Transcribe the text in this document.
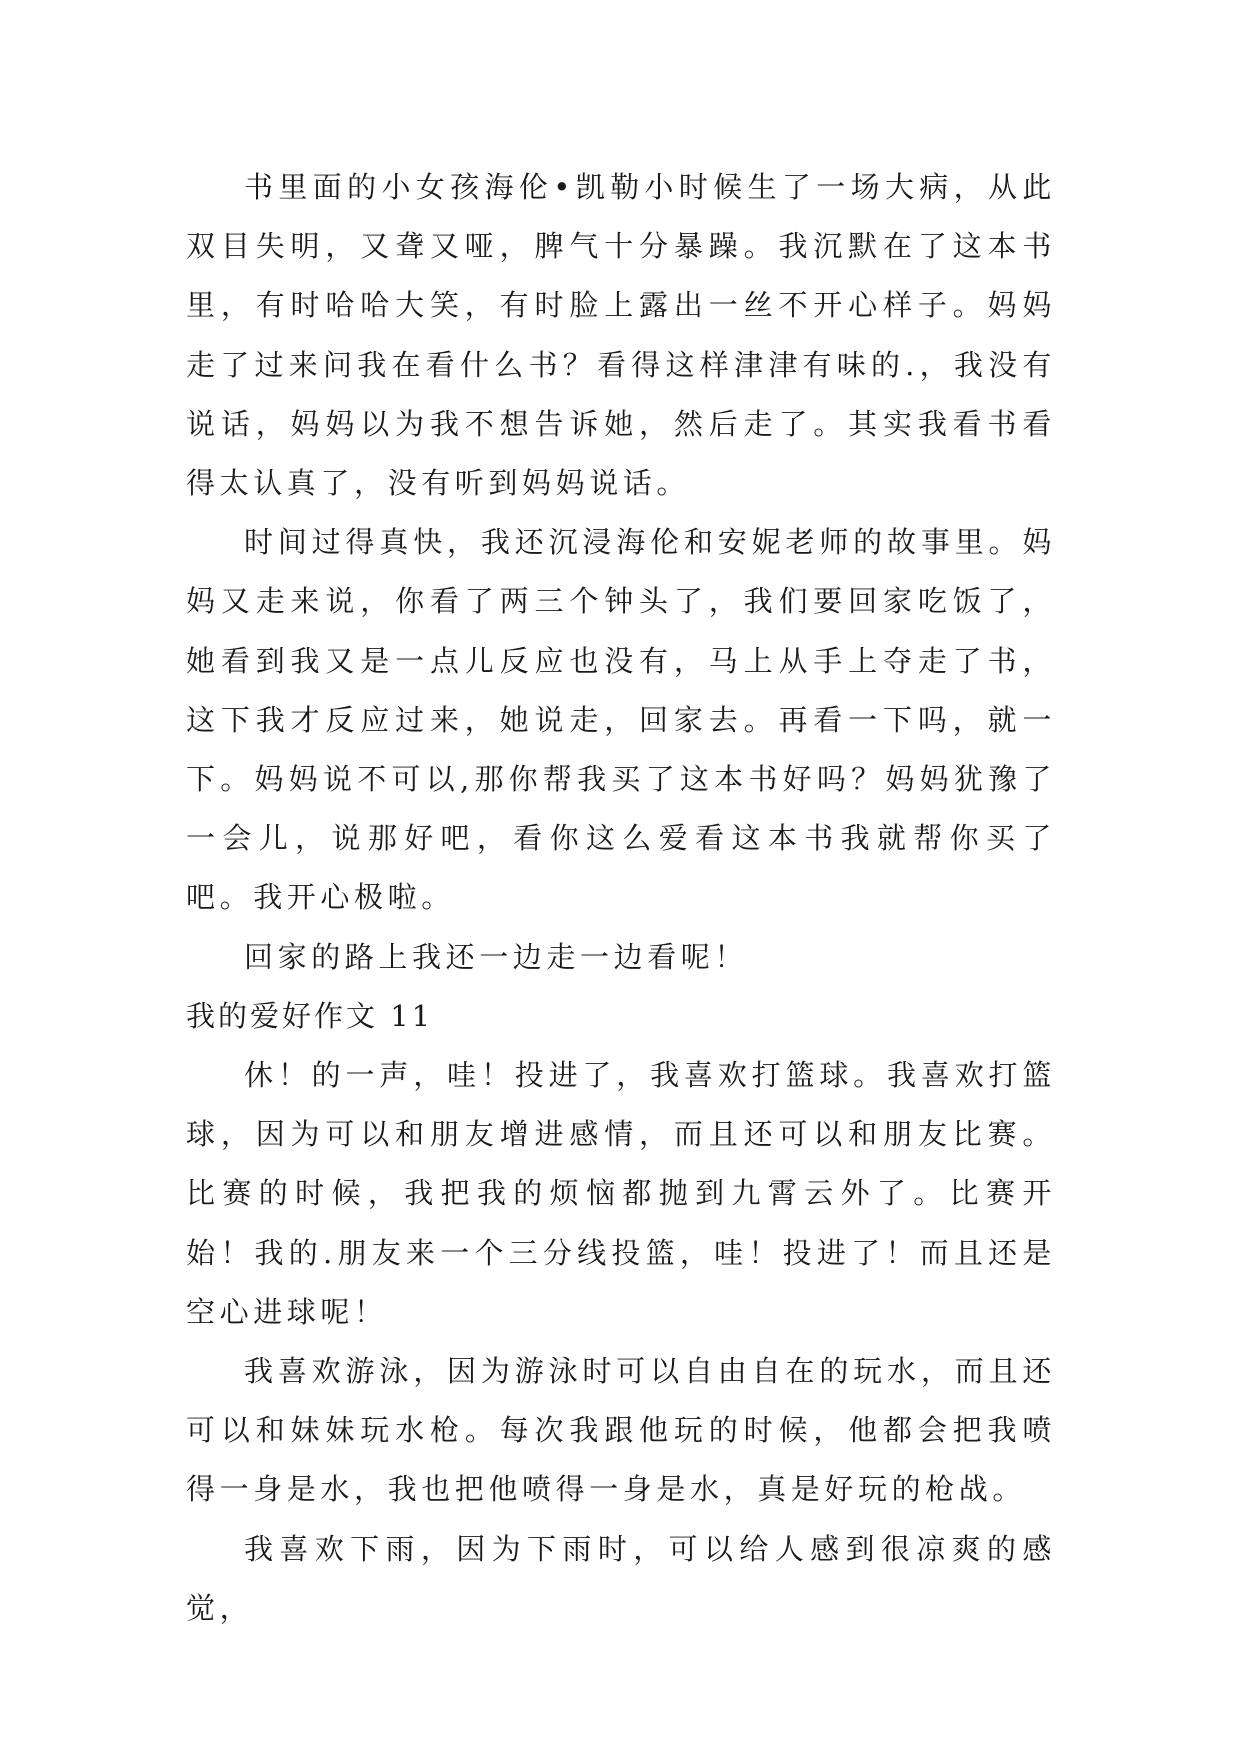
书里面的小女孩海伦•凯勒小时候生了一场大病，从此双目失明，又聋又哑，脾气十分暴躁。我沉默在了这本书里，有时哈哈大笑，有时脸上露出一丝不开心样子。妈妈走了过来问我在看什么书？看得这样津津有味的.，我没有说话，妈妈以为我不想告诉她，然后走了。其实我看书看得太认真了，没有听到妈妈说话。

时间过得真快，我还沉浸海伦和安妮老师的故事里。妈妈又走来说，你看了两三个钟头了，我们要回家吃饭了，她看到我又是一点儿反应也没有，马上从手上夺走了书，这下我才反应过来，她说走，回家去。再看一下吗，就一下。妈妈说不可以,那你帮我买了这本书好吗？妈妈犹豫了一会儿，说那好吧，看你这么爱看这本书我就帮你买了吧。我开心极啦。

回家的路上我还一边走一边看呢！

我的爱好作文 11

休！的一声，哇！投进了，我喜欢打篮球。我喜欢打篮球，因为可以和朋友增进感情，而且还可以和朋友比赛。比赛的时候，我把我的烦恼都抛到九霄云外了。比赛开始！我的.朋友来一个三分线投篮，哇！投进了！而且还是空心进球呢！

我喜欢游泳，因为游泳时可以自由自在的玩水，而且还可以和妹妹玩水枪。每次我跟他玩的时候，他都会把我喷得一身是水，我也把他喷得一身是水，真是好玩的枪战。

我喜欢下雨，因为下雨时，可以给人感到很凉爽的感觉，
